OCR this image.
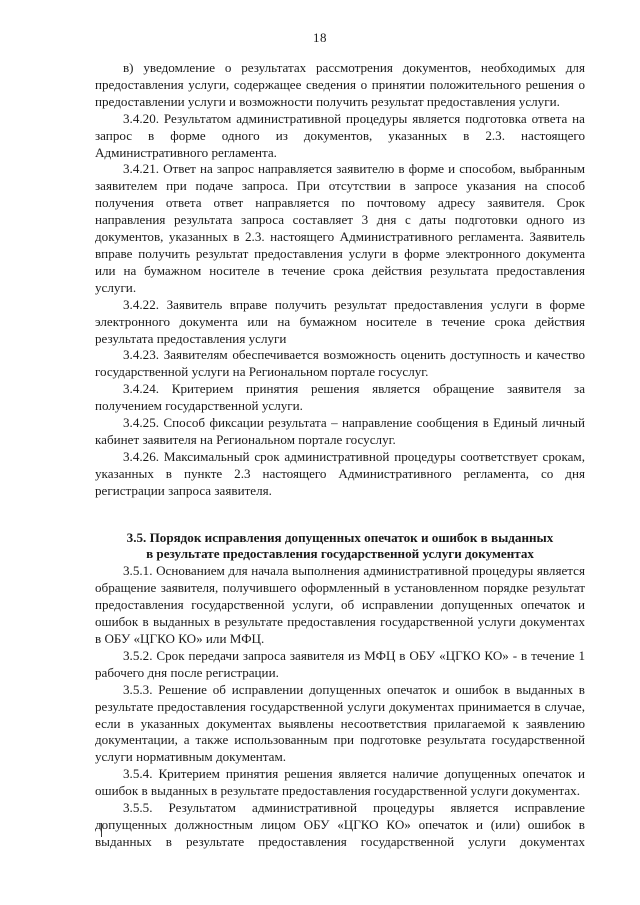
18

в) уведомление о результатах рассмотрения документов, необходимых для предоставления услуги, содержащее сведения о принятии положительного решения о предоставлении услуги и возможности получить результат предоставления услуги.

3.4.20. Результатом административной процедуры является подготовка ответа на запрос в форме одного из документов, указанных в 2.3. настоящего Административного регламента.

3.4.21. Ответ на запрос направляется заявителю в форме и способом, выбранным заявителем при подаче запроса. При отсутствии в запросе указания на способ получения ответа ответ направляется по почтовому адресу заявителя. Срок направления результата запроса составляет 3 дня с даты подготовки одного из документов, указанных в 2.3. настоящего Административного регламента. Заявитель вправе получить результат предоставления услуги в форме электронного документа или на бумажном носителе в течение срока действия результата предоставления услуги.

3.4.22. Заявитель вправе получить результат предоставления услуги в форме электронного документа или на бумажном носителе в течение срока действия результата предоставления услуги

3.4.23. Заявителям обеспечивается возможность оценить доступность и качество государственной услуги на Региональном портале госуслуг.

3.4.24. Критерием принятия решения является обращение заявителя за получением государственной услуги.

3.4.25. Способ фиксации результата – направление сообщения в Единый личный кабинет заявителя на Региональном портале госуслуг.

3.4.26. Максимальный срок административной процедуры соответствует срокам, указанных в пункте 2.3 настоящего Административного регламента, со дня регистрации запроса заявителя.

3.5. Порядок исправления допущенных опечаток и ошибок в выданных
в результате предоставления государственной услуги документах

3.5.1. Основанием для начала выполнения административной процедуры является обращение заявителя, получившего оформленный в установленном порядке результат предоставления государственной услуги, об исправлении допущенных опечаток и ошибок в выданных в результате предоставления государственной услуги документах в ОБУ «ЦГКО КО» или МФЦ.

3.5.2. Срок передачи запроса заявителя из МФЦ в ОБУ «ЦГКО КО» - в течение 1 рабочего дня после регистрации.

3.5.3. Решение об исправлении допущенных опечаток и ошибок в выданных в результате предоставления государственной услуги документах принимается в случае, если в указанных документах выявлены несоответствия прилагаемой к заявлению документации, а также использованным при подготовке результата государственной услуги нормативным документам.

3.5.4. Критерием принятия решения является наличие допущенных опечаток и ошибок в выданных в результате предоставления государственной услуги документах.

3.5.5. Результатом административной процедуры является исправление допущенных должностным лицом ОБУ «ЦГКО КО» опечаток и (или) ошибок в выданных в результате предоставления государственной услуги документах
